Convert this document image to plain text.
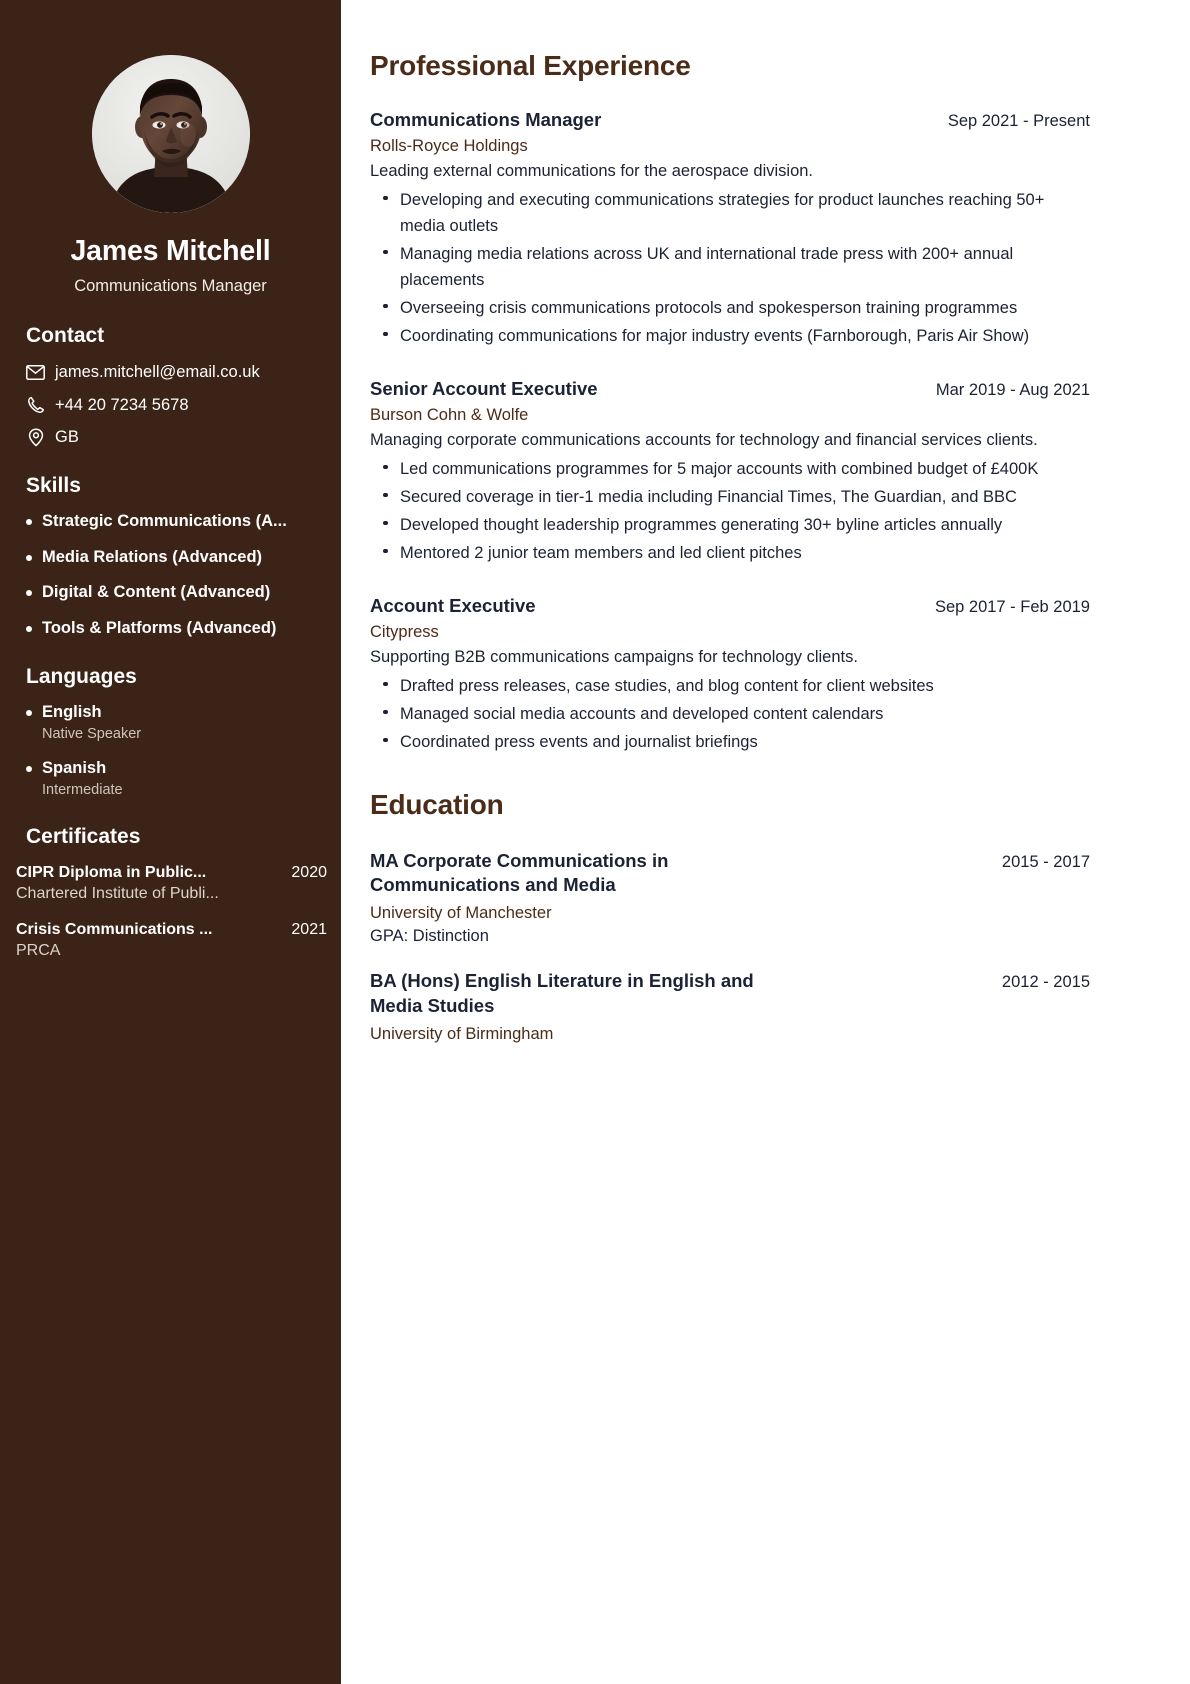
James Mitchell
Communications Manager
Contact
james.mitchell@email.co.uk
+44 20 7234 5678
GB
Skills
Strategic Communications (A...
Media Relations (Advanced)
Digital & Content (Advanced)
Tools & Platforms (Advanced)
Languages
English
Native Speaker
Spanish
Intermediate
Certificates
CIPR Diploma in Public...	2020
Chartered Institute of Publi...
Crisis Communications ...	2021
PRCA
Professional Experience
Communications Manager	Sep 2021 - Present
Rolls-Royce Holdings
Leading external communications for the aerospace division.
Developing and executing communications strategies for product launches reaching 50+ media outlets
Managing media relations across UK and international trade press with 200+ annual placements
Overseeing crisis communications protocols and spokesperson training programmes
Coordinating communications for major industry events (Farnborough, Paris Air Show)
Senior Account Executive	Mar 2019 - Aug 2021
Burson Cohn & Wolfe
Managing corporate communications accounts for technology and financial services clients.
Led communications programmes for 5 major accounts with combined budget of £400K
Secured coverage in tier-1 media including Financial Times, The Guardian, and BBC
Developed thought leadership programmes generating 30+ byline articles annually
Mentored 2 junior team members and led client pitches
Account Executive	Sep 2017 - Feb 2019
Citypress
Supporting B2B communications campaigns for technology clients.
Drafted press releases, case studies, and blog content for client websites
Managed social media accounts and developed content calendars
Coordinated press events and journalist briefings
Education
MA Corporate Communications in Communications and Media
2015 - 2017
University of Manchester
GPA: Distinction
BA (Hons) English Literature in English and Media Studies
2012 - 2015
University of Birmingham
